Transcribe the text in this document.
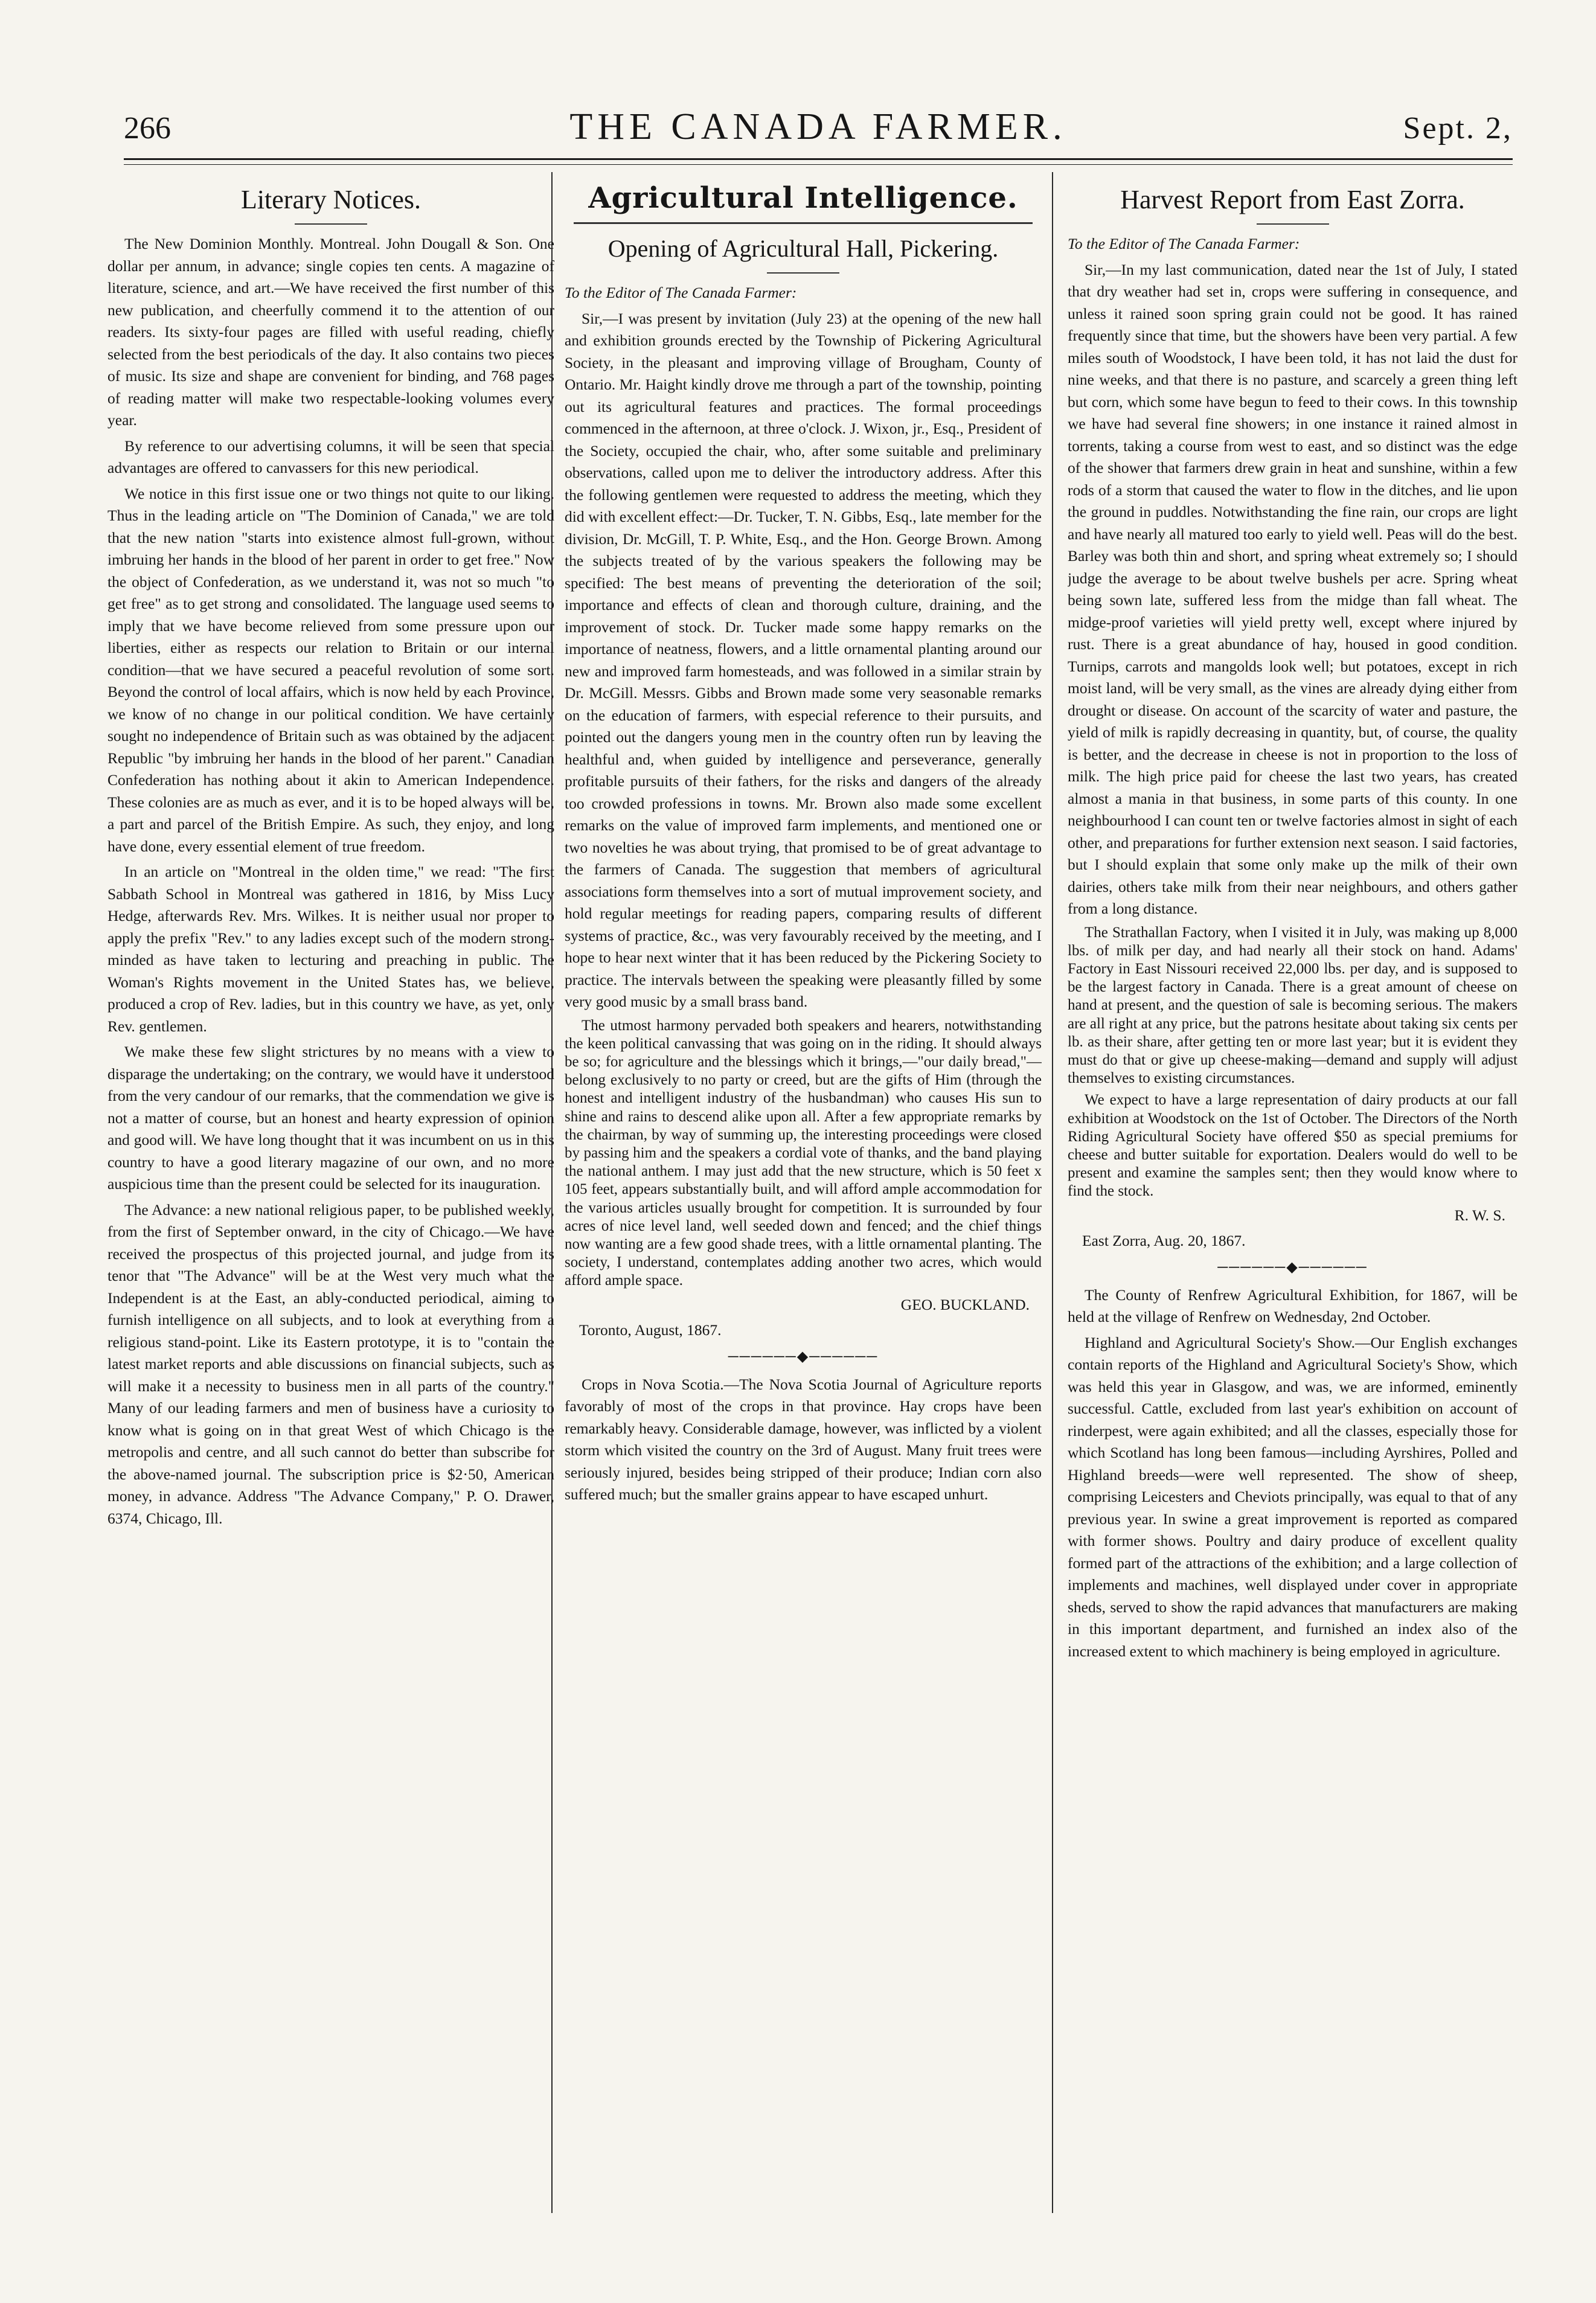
266	THE CANADA FARMER.	Sept. 2,
Literary Notices.

The New Dominion Monthly. Montreal. John Dougall & Son. One dollar per annum, in advance; single copies ten cents. A magazine of literature, science, and art.—We have received the first number of this new publication, and cheerfully commend it to the attention of our readers. Its sixty-four pages are filled with useful reading, chiefly selected from the best periodicals of the day. It also contains two pieces of music. Its size and shape are convenient for binding, and 768 pages of reading matter will make two respectable-looking volumes every year.

By reference to our advertising columns, it will be seen that special advantages are offered to canvassers for this new periodical.

We notice in this first issue one or two things not quite to our liking. Thus in the leading article on "The Dominion of Canada," we are told that the new nation "starts into existence almost full-grown, without imbruing her hands in the blood of her parent in order to get free." Now the object of Confederation, as we understand it, was not so much "to get free" as to get strong and consolidated. The language used seems to imply that we have become relieved from some pressure upon our liberties, either as respects our relation to Britain or our internal condition—that we have secured a peaceful revolution of some sort. Beyond the control of local affairs, which is now held by each Province, we know of no change in our political condition. We have certainly sought no independence of Britain such as was obtained by the adjacent Republic "by imbruing her hands in the blood of her parent." Canadian Confederation has nothing about it akin to American Independence. These colonies are as much as ever, and it is to be hoped always will be, a part and parcel of the British Empire. As such, they enjoy, and long have done, every essential element of true freedom.

In an article on "Montreal in the olden time," we read: "The first Sabbath School in Montreal was gathered in 1816, by Miss Lucy Hedge, afterwards Rev. Mrs. Wilkes. It is neither usual nor proper to apply the prefix "Rev." to any ladies except such of the modern strong-minded as have taken to lecturing and preaching in public. The Woman's Rights movement in the United States has, we believe, produced a crop of Rev. ladies, but in this country we have, as yet, only Rev. gentlemen.

We make these few slight strictures by no means with a view to disparage the undertaking; on the contrary, we would have it understood from the very candour of our remarks, that the commendation we give is not a matter of course, but an honest and hearty expression of opinion and good will. We have long thought that it was incumbent on us in this country to have a good literary magazine of our own, and no more auspicious time than the present could be selected for its inauguration.

The Advance: a new national religious paper, to be published weekly, from the first of September onward, in the city of Chicago.—We have received the prospectus of this projected journal, and judge from its tenor that "The Advance" will be at the West very much what the Independent is at the East, an ably-conducted periodical, aiming to furnish intelligence on all subjects, and to look at everything from a religious stand-point. Like its Eastern prototype, it is to "contain the latest market reports and able discussions on financial subjects, such as will make it a necessity to business men in all parts of the country." Many of our leading farmers and men of business have a curiosity to know what is going on in that great West of which Chicago is the metropolis and centre, and all such cannot do better than subscribe for the above-named journal. The subscription price is $2·50, American money, in advance. Address "The Advance Company," P. O. Drawer, 6374, Chicago, Ill.

Agricultural Intelligence.
Opening of Agricultural Hall, Pickering.

To the Editor of The Canada Farmer:

Sir,—I was present by invitation (July 23) at the opening of the new hall and exhibition grounds erected by the Township of Pickering Agricultural Society, in the pleasant and improving village of Brougham, County of Ontario. Mr. Haight kindly drove me through a part of the township, pointing out its agricultural features and practices. The formal proceedings commenced in the afternoon, at three o'clock. J. Wixon, jr., Esq., President of the Society, occupied the chair, who, after some suitable and preliminary observations, called upon me to deliver the introductory address. After this the following gentlemen were requested to address the meeting, which they did with excellent effect:—Dr. Tucker, T. N. Gibbs, Esq., late member for the division, Dr. McGill, T. P. White, Esq., and the Hon. George Brown. Among the subjects treated of by the various speakers the following may be specified: The best means of preventing the deterioration of the soil; importance and effects of clean and thorough culture, draining, and the improvement of stock. Dr. Tucker made some happy remarks on the importance of neatness, flowers, and a little ornamental planting around our new and improved farm homesteads, and was followed in a similar strain by Dr. McGill. Messrs. Gibbs and Brown made some very seasonable remarks on the education of farmers, with especial reference to their pursuits, and pointed out the dangers young men in the country often run by leaving the healthful and, when guided by intelligence and perseverance, generally profitable pursuits of their fathers, for the risks and dangers of the already too crowded professions in towns. Mr. Brown also made some excellent remarks on the value of improved farm implements, and mentioned one or two novelties he was about trying, that promised to be of great advantage to the farmers of Canada. The suggestion that members of agricultural associations form themselves into a sort of mutual improvement society, and hold regular meetings for reading papers, comparing results of different systems of practice, &c., was very favourably received by the meeting, and I hope to hear next winter that it has been reduced by the Pickering Society to practice. The intervals between the speaking were pleasantly filled by some very good music by a small brass band.

The utmost harmony pervaded both speakers and hearers, notwithstanding the keen political canvassing that was going on in the riding. It should always be so; for agriculture and the blessings which it brings,—"our daily bread,"—belong exclusively to no party or creed, but are the gifts of Him (through the honest and intelligent industry of the husbandman) who causes His sun to shine and rains to descend alike upon all. After a few appropriate remarks by the chairman, by way of summing up, the interesting proceedings were closed by passing him and the speakers a cordial vote of thanks, and the band playing the national anthem. I may just add that the new structure, which is 50 feet x 105 feet, appears substantially built, and will afford ample accommodation for the various articles usually brought for competition. It is surrounded by four acres of nice level land, well seeded down and fenced; and the chief things now wanting are a few good shade trees, with a little ornamental planting. The society, I understand, contemplates adding another two acres, which would afford ample space.

GEO. BUCKLAND.

Toronto, August, 1867.

──────◆──────

Crops in Nova Scotia.—The Nova Scotia Journal of Agriculture reports favorably of most of the crops in that province. Hay crops have been remarkably heavy. Considerable damage, however, was inflicted by a violent storm which visited the country on the 3rd of August. Many fruit trees were seriously injured, besides being stripped of their produce; Indian corn also suffered much; but the smaller grains appear to have escaped unhurt.

Harvest Report from East Zorra.

To the Editor of The Canada Farmer:

Sir,—In my last communication, dated near the 1st of July, I stated that dry weather had set in, crops were suffering in consequence, and unless it rained soon spring grain could not be good. It has rained frequently since that time, but the showers have been very partial. A few miles south of Woodstock, I have been told, it has not laid the dust for nine weeks, and that there is no pasture, and scarcely a green thing left but corn, which some have begun to feed to their cows. In this township we have had several fine showers; in one instance it rained almost in torrents, taking a course from west to east, and so distinct was the edge of the shower that farmers drew grain in heat and sunshine, within a few rods of a storm that caused the water to flow in the ditches, and lie upon the ground in puddles. Notwithstanding the fine rain, our crops are light and have nearly all matured too early to yield well. Peas will do the best. Barley was both thin and short, and spring wheat extremely so; I should judge the average to be about twelve bushels per acre. Spring wheat being sown late, suffered less from the midge than fall wheat. The midge-proof varieties will yield pretty well, except where injured by rust. There is a great abundance of hay, housed in good condition. Turnips, carrots and mangolds look well; but potatoes, except in rich moist land, will be very small, as the vines are already dying either from drought or disease. On account of the scarcity of water and pasture, the yield of milk is rapidly decreasing in quantity, but, of course, the quality is better, and the decrease in cheese is not in proportion to the loss of milk. The high price paid for cheese the last two years, has created almost a mania in that business, in some parts of this county. In one neighbourhood I can count ten or twelve factories almost in sight of each other, and preparations for further extension next season. I said factories, but I should explain that some only make up the milk of their own dairies, others take milk from their near neighbours, and others gather from a long distance.

The Strathallan Factory, when I visited it in July, was making up 8,000 lbs. of milk per day, and had nearly all their stock on hand. Adams' Factory in East Nissouri received 22,000 lbs. per day, and is supposed to be the largest factory in Canada. There is a great amount of cheese on hand at present, and the question of sale is becoming serious. The makers are all right at any price, but the patrons hesitate about taking six cents per lb. as their share, after getting ten or more last year; but it is evident they must do that or give up cheese-making—demand and supply will adjust themselves to existing circumstances.

We expect to have a large representation of dairy products at our fall exhibition at Woodstock on the 1st of October. The Directors of the North Riding Agricultural Society have offered $50 as special premiums for cheese and butter suitable for exportation. Dealers would do well to be present and examine the samples sent; then they would know where to find the stock.

R. W. S.

East Zorra, Aug. 20, 1867.

──────◆──────

The County of Renfrew Agricultural Exhibition, for 1867, will be held at the village of Renfrew on Wednesday, 2nd October.

Highland and Agricultural Society's Show.—Our English exchanges contain reports of the Highland and Agricultural Society's Show, which was held this year in Glasgow, and was, we are informed, eminently successful. Cattle, excluded from last year's exhibition on account of rinderpest, were again exhibited; and all the classes, especially those for which Scotland has long been famous—including Ayrshires, Polled and Highland breeds—were well represented. The show of sheep, comprising Leicesters and Cheviots principally, was equal to that of any previous year. In swine a great improvement is reported as compared with former shows. Poultry and dairy produce of excellent quality formed part of the attractions of the exhibition; and a large collection of implements and machines, well displayed under cover in appropriate sheds, served to show the rapid advances that manufacturers are making in this important department, and furnished an index also of the increased extent to which machinery is being employed in agriculture.
